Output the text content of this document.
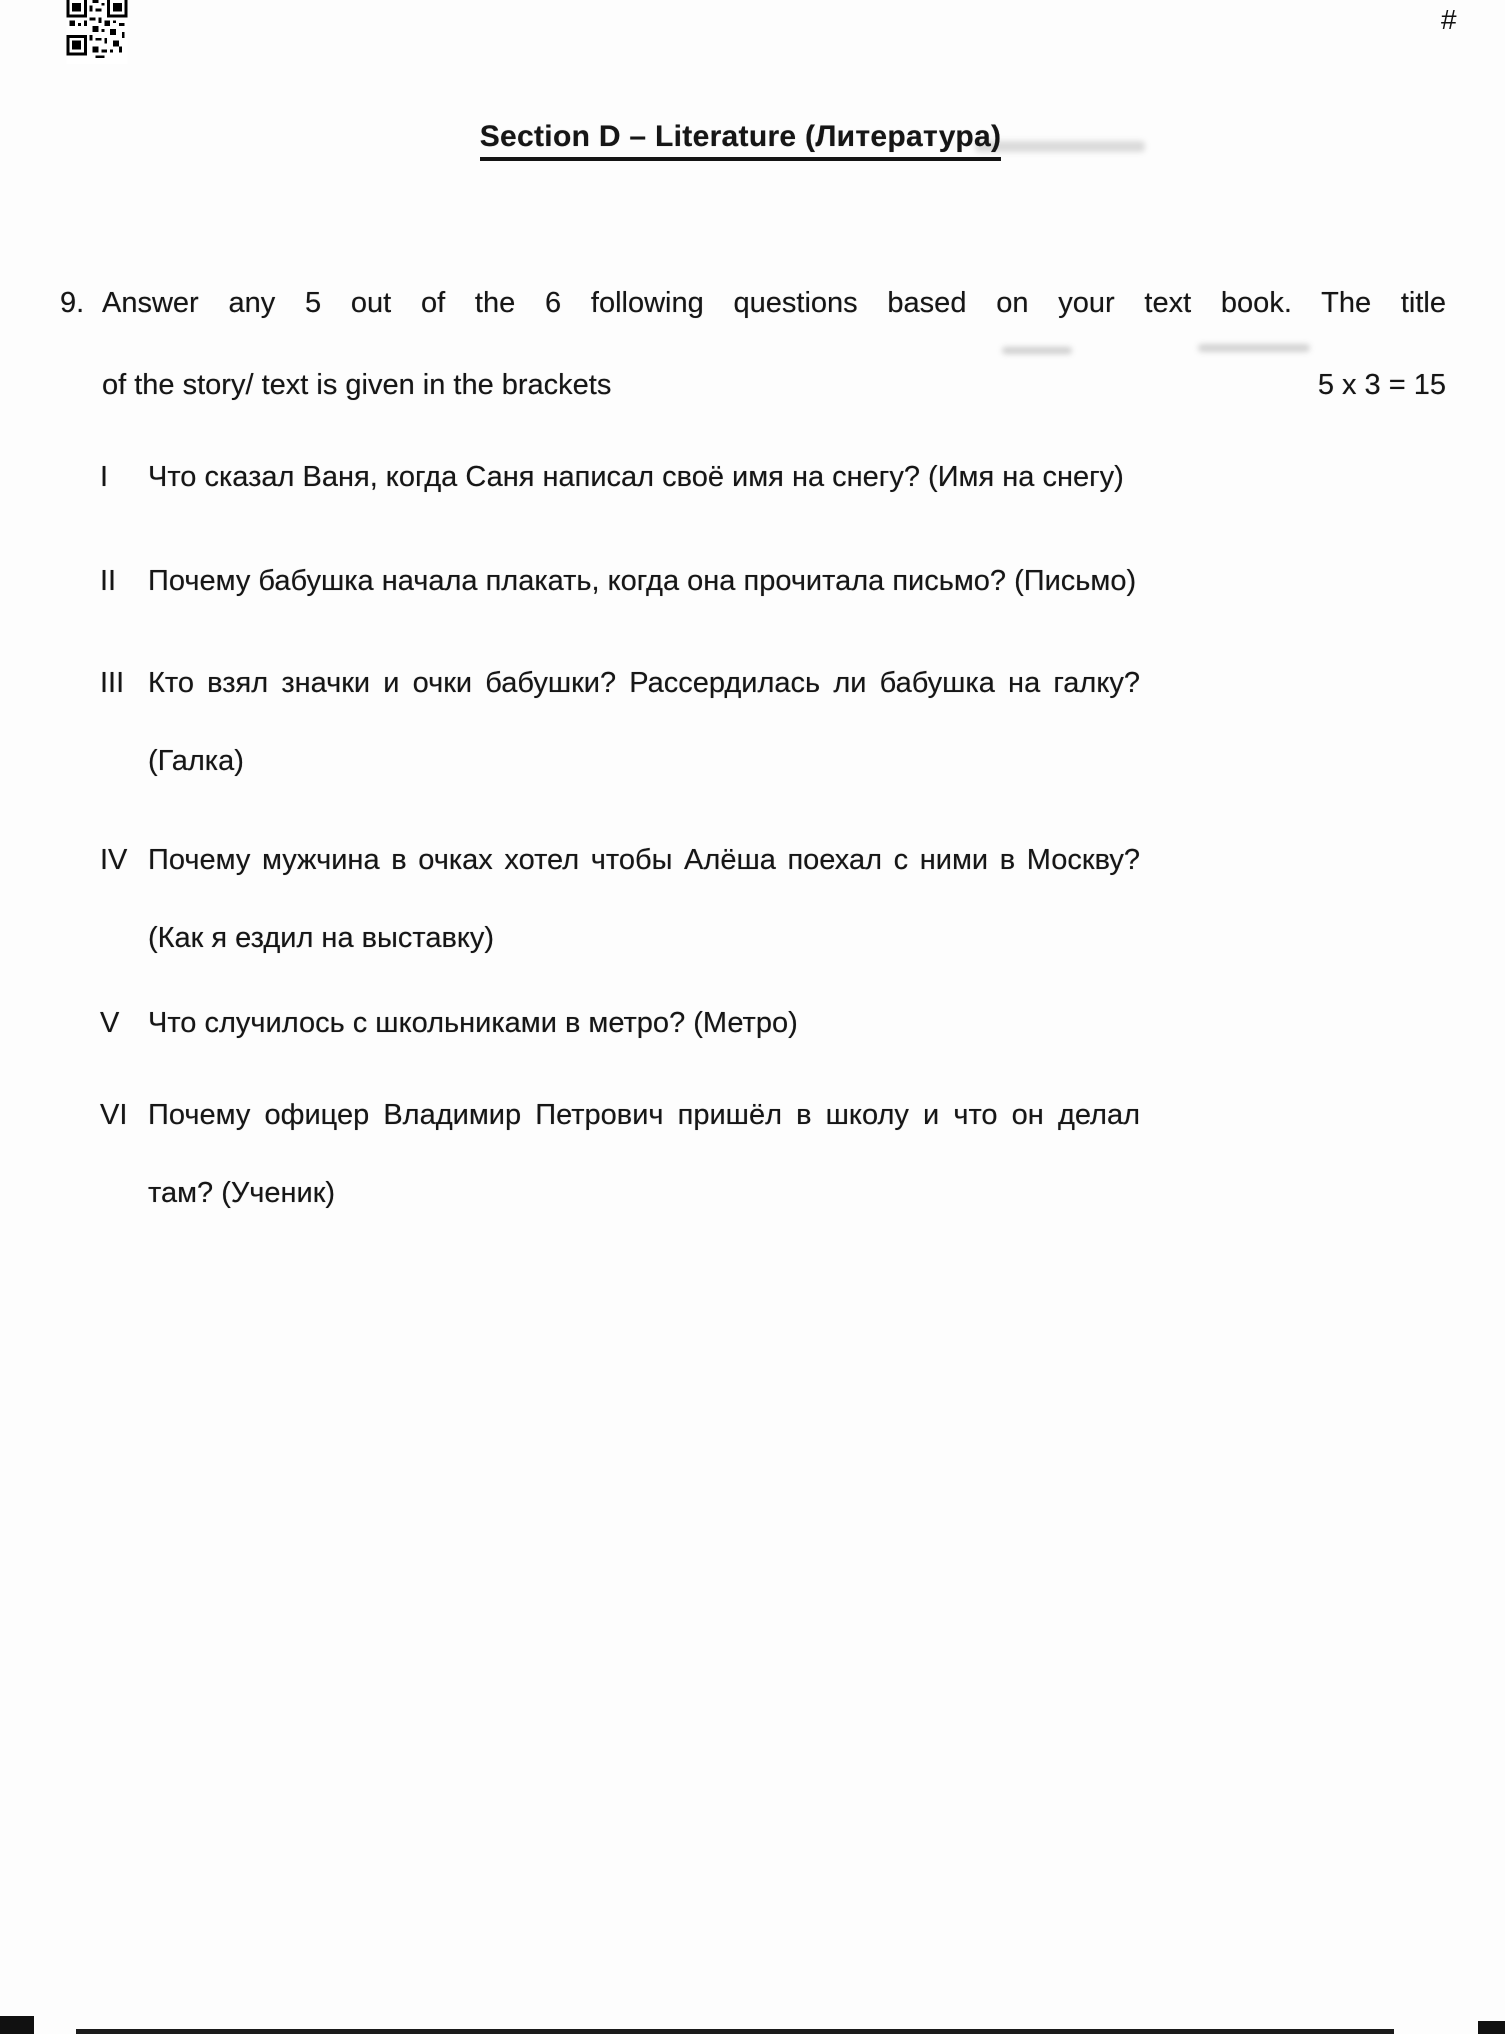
#
Section D – Literature (Литература)
9. Answer any 5 out of the 6 following questions based on your text book. The title
of the story/ text is given in the brackets	5 x 3 = 15
I	Что сказал Ваня, когда Саня написал своё имя на снегу? (Имя на снегу)
II	Почему бабушка начала плакать, когда она прочитала письмо? (Письмо)
III Кто взял значки и очки бабушки? Рассердилась ли бабушка на галку?
(Галка)
IV Почему мужчина в очках хотел чтобы Алёша поехал с ними в Москву?
(Как я ездил на выставку)
V Что случилось с школьниками в метро? (Метро)
VI Почему офицер Владимир Петрович пришёл в школу и что он делал
там? (Ученик)
